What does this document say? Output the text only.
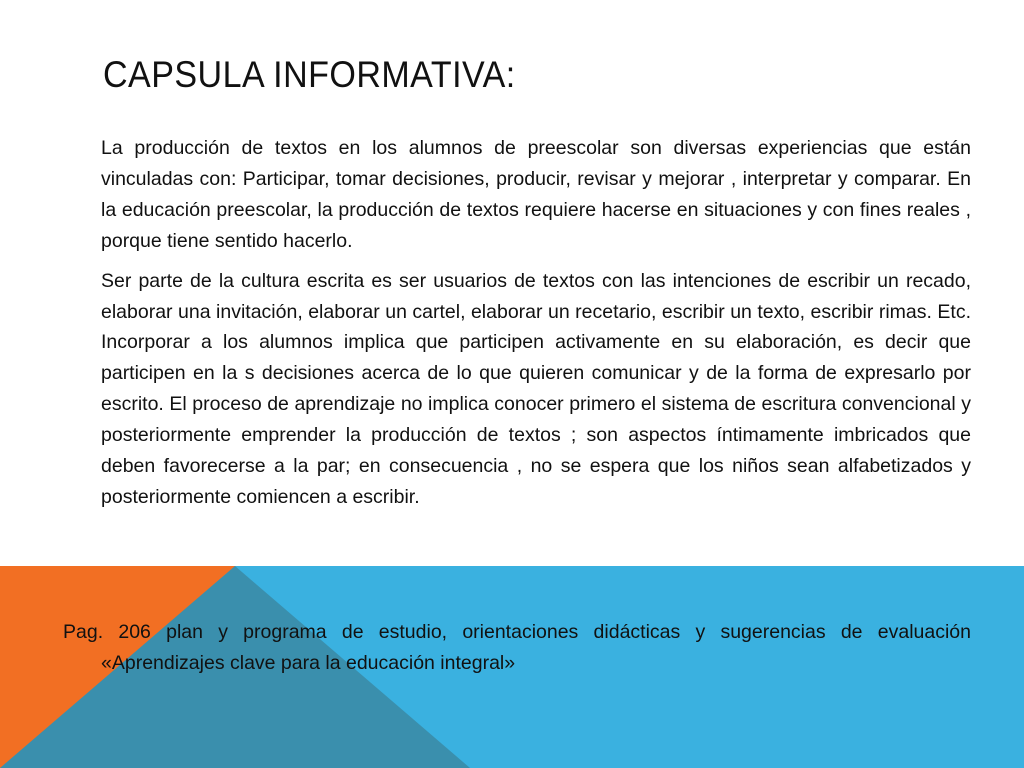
CAPSULA INFORMATIVA:

La producción de textos en los alumnos de preescolar son diversas experiencias que están vinculadas con: Participar, tomar decisiones, producir, revisar y mejorar , interpretar y comparar. En la educación preescolar, la producción de textos requiere hacerse en situaciones y con fines reales , porque tiene sentido hacerlo.

Ser parte de la cultura escrita es ser usuarios de textos con las intenciones de escribir un recado, elaborar una invitación, elaborar un cartel, elaborar un recetario, escribir un texto, escribir rimas. Etc. Incorporar a los alumnos implica que participen activamente en su elaboración, es decir que participen en la s decisiones acerca de lo que quieren comunicar y de la forma de expresarlo por escrito. El proceso de aprendizaje no implica conocer primero el sistema de escritura convencional y posteriormente emprender la producción de textos ; son aspectos íntimamente imbricados que deben favorecerse a la par; en consecuencia , no se espera que los niños sean alfabetizados y posteriormente comiencen a escribir.

Pag. 206 plan y programa de estudio, orientaciones didácticas y sugerencias de evaluación «Aprendizajes clave para la educación integral»
